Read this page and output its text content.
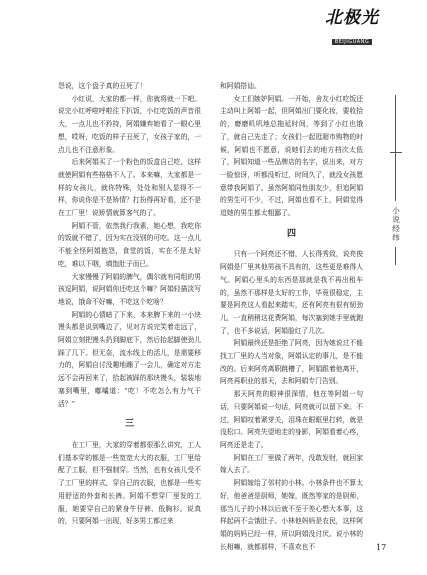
北极光
BEIJIGUANG
小说经纬

怨说，这个盘子真的丑死了！

小红说，大家的都一样，你就将就一下吧。说完小红呼啦呼啦往下扒饭，小红吃饭的声音很大，一点儿也不矜持，阿娟嫌弃她看了一眼心里想，哎呀，吃饭的样子丑死了，女孩子家的，一点儿也不注意形象。

后来阿娟买了一个粉色的饭盒自己吃，这样就使阿娟有些格格不入了。本来嘛，大家都是一样的女孩儿，就你特殊，处处和别人显得不一样，你说你是不是矫情？打扮得再好看，还不是在工厂里！说矫情就算客气的了。

阿娟不管，依然我行我素，她心想，我吃你的饭就不错了，因为实在没别的可吃。这一点儿不能全怪阿娟抱怨，食堂的饭，实在不是太好吃，难以下咽，填饱肚子而已。

大家慢慢了阿娟的脾气，偶尔就有同组的男孩逗阿娟，说阿娟你还吃这个嘛？阿娟轻描淡写地说，饿命不好嘛，不吃这个吃啥？

阿娟的心情暗了下来，本来脾下来的一小块馒头都是说到嘴边了，见对方说完笑着走远了，阿娟立刻把馒头扔到脚底下，然后抬起脚使劲儿踩了几下。但无奈，流水线上的活儿，是需要移力的，阿娟自讨没趣地蹦了一会儿，确定对方走远不会再回来了，拾起被踩的那块馒头，装装地塞到嘴里，嘟囔道：“吃！不吃怎么有力气干活？”

三

在工厂里，大家的穿着都很那么讲究，工人们基本穿的都是一些宽宽大大的衣服，工厂里给配了工服，但不强制穿。当然，也有女孩儿受不了工厂里的样式，穿自己的衣服，也都是一些实用舒适的外套和长裤。阿娟不想穿厂里发的工服，她要穿自己的紧身牛仔裤、低胸衫。说真的，只要阿娟一出现，好多男工都过来

和阿娟搭讪。

女工们嫉妒阿娟。一开始，舍友小红吃饭还主动叫上阿娟一起，但阿娟出门要化妆，要收拾的，磨磨叽叽地总拖延时间，等到了小红也饿了，就自己先走了；女孩们一起逛超市购物的时候，阿娟也不愿意，说她们去的地方档次太低了，阿娟知道一些品牌店的名字，说出来，对方一脸惊讶，听都没听过，时间久了，就没女孩愿意带我阿娟了。虽然阿娟同性朋友少，但追阿娟的男生可不少，不过，阿娟也看不上，阿娟觉得追她的男生都太粗鄙了。

四

只有一个阿亮还不错，人长得秀致，说亮俊阿娟是厂里其他男孩不具有的，这些更是难得人气。阿娟心里头的东西是那就是我不再出租车的，虽然不那样是太好的工作，毕竟很稳定，主要是阿亮这人看起来踏实，还有阿亮有很有韧劲儿，一直稍稍这花费阿娟，每次塞到她手里就跑了，也不多说话，阿娟脸红了几次。

阿娟最终还是拒绝了阿亮，因为她说过不能找工厂里的人当对象，阿娟认定的事儿，是不能改的。后来阿亮离职跳槽了，阿娟跟着他离开，阿亮再职业的那天，去和阿娟专门告别。

那天阿亮的眼神很深情，他在等阿娟一句话，只要阿娟说一句话，阿亮就可以留下来。不过，阿娟叹着紧芽关，泪珠在眼眶里打转，就是没松口。阿亮失望地走的身影，阿娟看着心疼，阿亮还是走了。

阿娟在工厂里做了两年，没敢发财，就回家嫁人去了。

阿娟嫁给了邻村的小林。小林条件也不算太好，他爸爸是厨师，她嫁，既然等家的是厨师，那当儿子的小林以后就不至于差心想大本事，这样起码不会饿肚子。小林他妈妈是农民，这样阿娟的妈妈已经一样，所以阿娟没讨厌。说小林的长相嘛，就都那样，不喜欢也不	17
